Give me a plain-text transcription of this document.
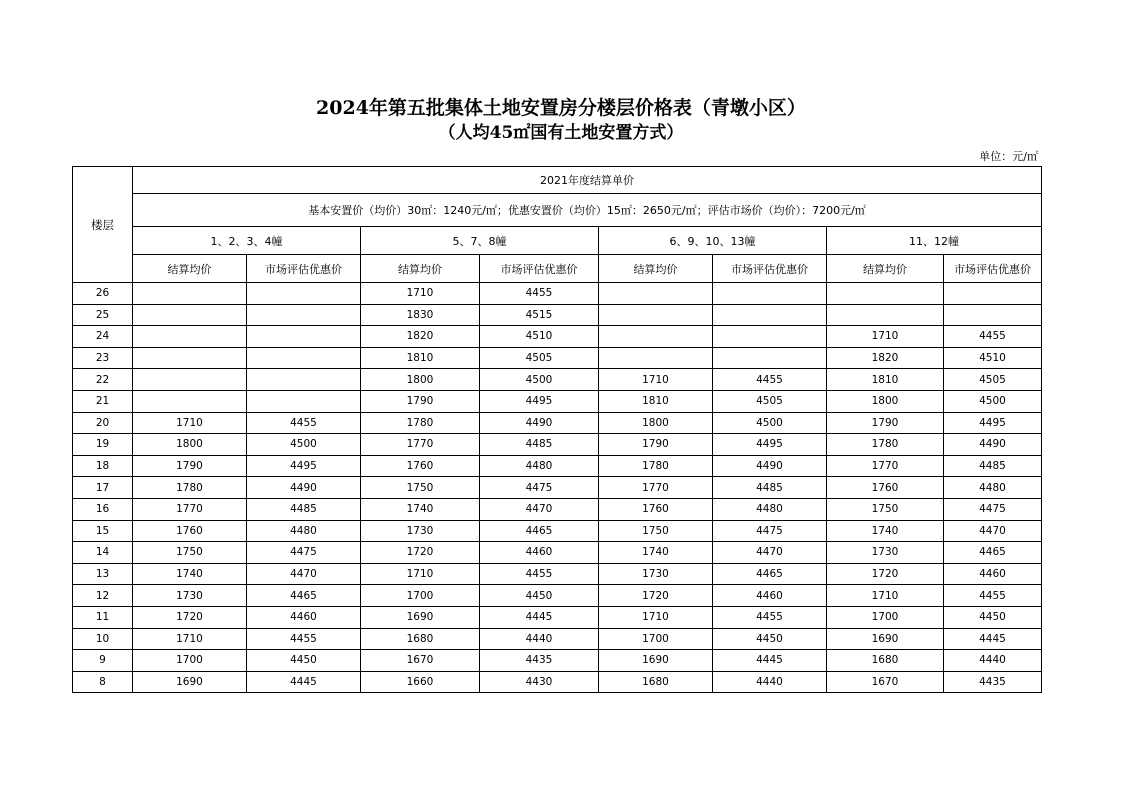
2024年第五批集体土地安置房分楼层价格表（青墩小区）
（人均45㎡国有土地安置方式）
单位：元/㎡
楼层	2021年度结算单价							
	基本安置价（均价）30㎡：1240元/㎡；优惠安置价（均价）15㎡：2650元/㎡；评估市场价（均价）：7200元/㎡							
	1、2、3、4幢		5、7、8幢		6、9、10、13幢		11、12幢	
	结算均价	市场评估优惠价	结算均价	市场评估优惠价	结算均价	市场评估优惠价	结算均价	市场评估优惠价
26			1710	4455				
25			1830	4515				
24			1820	4510			1710	4455
23			1810	4505			1820	4510
22			1800	4500	1710	4455	1810	4505
21			1790	4495	1810	4505	1800	4500
20	1710	4455	1780	4490	1800	4500	1790	4495
19	1800	4500	1770	4485	1790	4495	1780	4490
18	1790	4495	1760	4480	1780	4490	1770	4485
17	1780	4490	1750	4475	1770	4485	1760	4480
16	1770	4485	1740	4470	1760	4480	1750	4475
15	1760	4480	1730	4465	1750	4475	1740	4470
14	1750	4475	1720	4460	1740	4470	1730	4465
13	1740	4470	1710	4455	1730	4465	1720	4460
12	1730	4465	1700	4450	1720	4460	1710	4455
11	1720	4460	1690	4445	1710	4455	1700	4450
10	1710	4455	1680	4440	1700	4450	1690	4445
9	1700	4450	1670	4435	1690	4445	1680	4440
8	1690	4445	1660	4430	1680	4440	1670	4435
